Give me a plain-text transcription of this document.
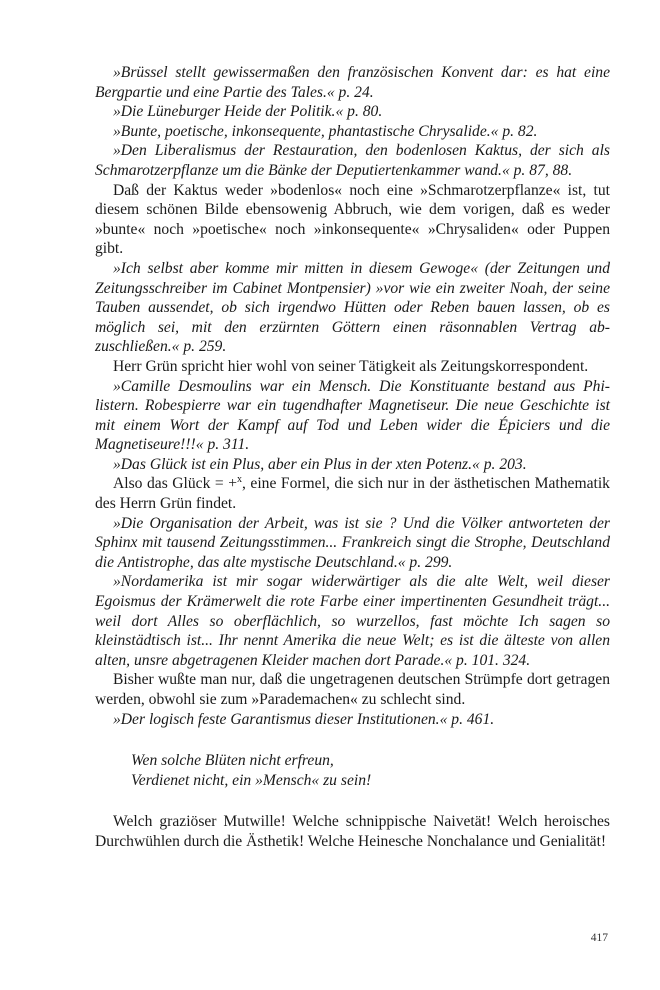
»Brüssel stellt gewissermaßen den französischen Konvent dar: es hat eine Bergpartie und eine Partie des Tales.« p. 24.

»Die Lüneburger Heide der Politik.« p. 80.

»Bunte, poetische, inkonsequente, phantastische Chrysalide.« p. 82.

»Den Liberalismus der Restauration, den bodenlosen Kaktus, der sich als Schmarotzerpflanze um die Bänke der Deputiertenkammer wand.« p. 87, 88.

Daß der Kaktus weder »bodenlos« noch eine »Schmarotzerpflanze« ist, tut diesem schönen Bilde ebensowenig Abbruch, wie dem vorigen, daß es weder »bunte« noch »poetische« noch »inkonsequente« »Chrysaliden« oder Puppen gibt.

»Ich selbst aber komme mir mitten in diesem Gewoge« (der Zeitungen und Zeitungsschreiber im Cabinet Montpensier) »vor wie ein zweiter Noah, der seine Tauben aussendet, ob sich irgendwo Hütten oder Reben bauen lassen, ob es möglich sei, mit den erzürnten Göttern einen räsonnablen Vertrag abzuschließen.« p. 259.

Herr Grün spricht hier wohl von seiner Tätigkeit als Zeitungskorrespondent.

»Camille Desmoulins war ein Mensch. Die Konstituante bestand aus Philistern. Robespierre war ein tugendhafter Magnetiseur. Die neue Geschichte ist mit einem Wort der Kampf auf Tod und Leben wider die Épiciers und die Magnetiseure!!!« p. 311.

»Das Glück ist ein Plus, aber ein Plus in der xten Potenz.« p. 203.

Also das Glück = +$^x$, eine Formel, die sich nur in der ästhetischen Mathematik des Herrn Grün findet.

»Die Organisation der Arbeit, was ist sie ? Und die Völker antworteten der Sphinx mit tausend Zeitungsstimmen... Frankreich singt die Strophe, Deutschland die Antistrophe, das alte mystische Deutschland.« p. 299.

»Nordamerika ist mir sogar widerwärtiger als die alte Welt, weil dieser Egoismus der Krämerwelt die rote Farbe einer impertinenten Gesundheit trägt... weil dort Alles so oberflächlich, so wurzellos, fast möchte Ich sagen so kleinstädtisch ist... Ihr nennt Amerika die neue Welt; es ist die älteste von allen alten, unsre abgetragenen Kleider machen dort Parade.« p. 101. 324.

Bisher wußte man nur, daß die ungetragenen deutschen Strümpfe dort getragen werden, obwohl sie zum »Parademachen« zu schlecht sind.

»Der logisch feste Garantismus dieser Institutionen.« p. 461.

Wen solche Blüten nicht erfreun,
Verdienet nicht, ein »Mensch« zu sein!

Welch graziöser Mutwille! Welche schnippische Naivetät! Welch heroisches Durchwühlen durch die Ästhetik! Welche Heinesche Nonchalance und Genialität!

417
